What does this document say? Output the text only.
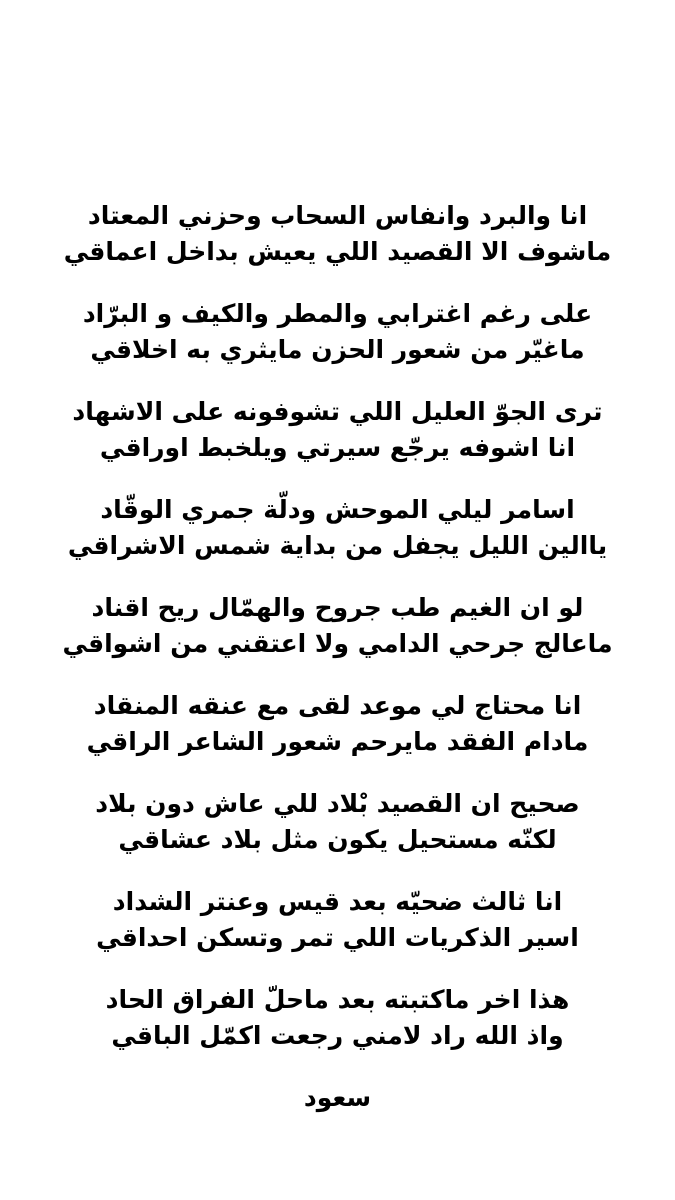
انا والبرد وانفاس السحاب وحزني المعتاد
ماشوف الا القصيد اللي يعيش بداخل اعماقي
على رغم اغترابي والمطر والكيف و البرّاد
ماغيّر من شعور الحزن مايثري به اخلاقي
ترى الجوّ العليل اللي تشوفونه على الاشهاد
انا اشوفه يرجّع سيرتي ويلخبط اوراقي
اسامر ليلي الموحش ودلّة جمري الوقّاد
ياالين الليل يجفل من بداية شمس الاشراقي
لو ان الغيم طب جروح والهمّال ريح اقناد
ماعالج جرحي الدامي ولا اعتقني من اشواقي
انا محتاج لي موعد لقى مع عنقه المنقاد
مادام الفقد مايرحم شعور الشاعر الراقي
صحيح ان القصيد بْلاد للي عاش دون بلاد
لكنّه مستحيل يكون مثل بلاد عشاقي
انا ثالث ضحيّه بعد قيس وعنتر الشداد
اسير الذكريات اللي تمر وتسكن احداقي
هذا اخر ماكتبته بعد ماحلّ الفراق الحاد
واذ الله راد لامني رجعت اكمّل الباقي
سعود
